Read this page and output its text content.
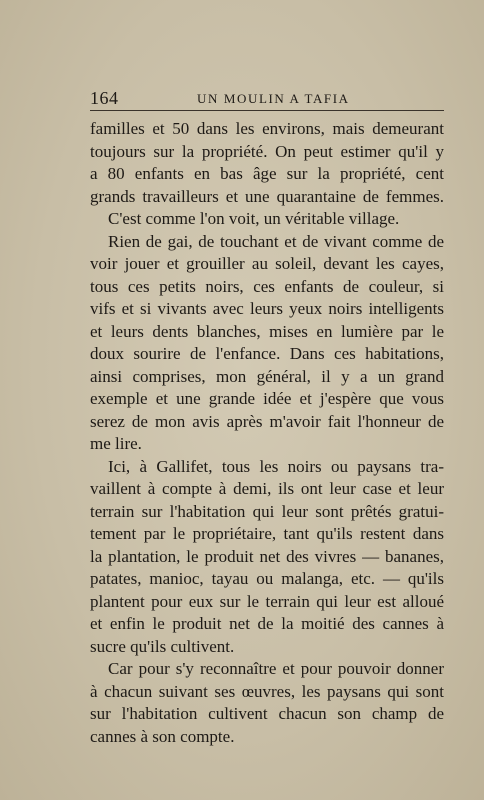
164	UN MOULIN A TAFIA
familles et 50 dans les environs, mais demeurant
toujours sur la propriété. On peut estimer qu'il y
a 80 enfants en bas âge sur la propriété, cent
grands travailleurs et une quarantaine de femmes.
C'est comme l'on voit, un véritable village.
Rien de gai, de touchant et de vivant comme de
voir jouer et grouiller au soleil, devant les cayes,
tous ces petits noirs, ces enfants de couleur, si
vifs et si vivants avec leurs yeux noirs intelligents
et leurs dents blanches, mises en lumière par le
doux sourire de l'enfance. Dans ces habitations,
ainsi comprises, mon général, il y a un grand
exemple et une grande idée et j'espère que vous
serez de mon avis après m'avoir fait l'honneur de
me lire.
Ici, à Gallifet, tous les noirs ou paysans tra-
vaillent à compte à demi, ils ont leur case et leur
terrain sur l'habitation qui leur sont prêtés gratui-
tement par le propriétaire, tant qu'ils restent dans
la plantation, le produit net des vivres — bananes,
patates, manioc, tayau ou malanga, etc. — qu'ils
plantent pour eux sur le terrain qui leur est alloué
et enfin le produit net de la moitié des cannes à
sucre qu'ils cultivent.
Car pour s'y reconnaître et pour pouvoir donner
à chacun suivant ses œuvres, les paysans qui sont
sur l'habitation cultivent chacun son champ de
cannes à son compte.
